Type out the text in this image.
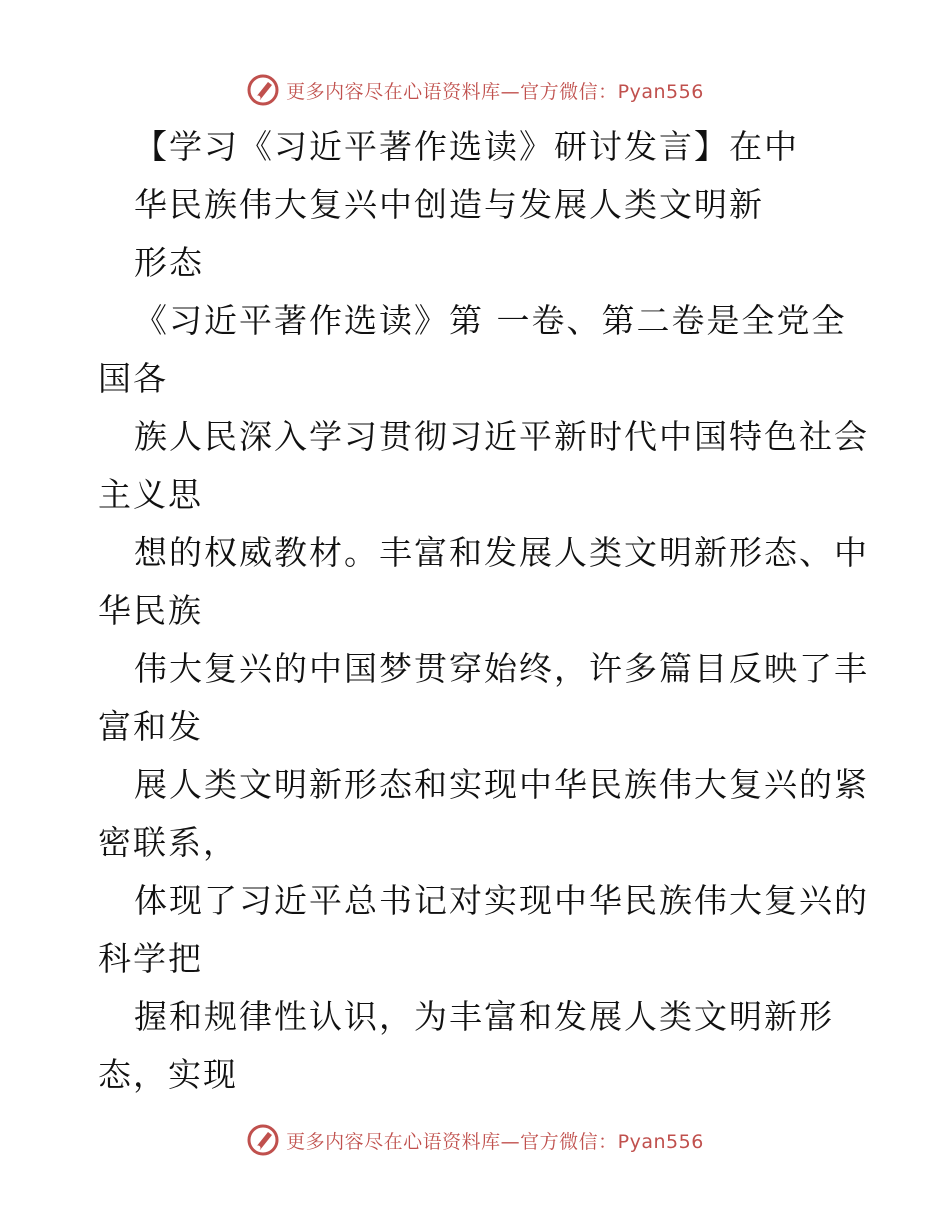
更多内容尽在心语资料库—官方微信：Pyan556
【学习《习近平著作选读》研讨发言】在中
华民族伟大复兴中创造与发展人类文明新
形态
《习近平著作选读》第 一卷、第二卷是全党全
国各
族人民深入学习贯彻习近平新时代中国特色社会
主义思
想的权威教材。丰富和发展人类文明新形态、中
华民族
伟大复兴的中国梦贯穿始终，许多篇目反映了丰
富和发
展人类文明新形态和实现中华民族伟大复兴的紧
密联系，
体现了习近平总书记对实现中华民族伟大复兴的
科学把
握和规律性认识，为丰富和发展人类文明新形
态，实现
更多内容尽在心语资料库—官方微信：Pyan556
